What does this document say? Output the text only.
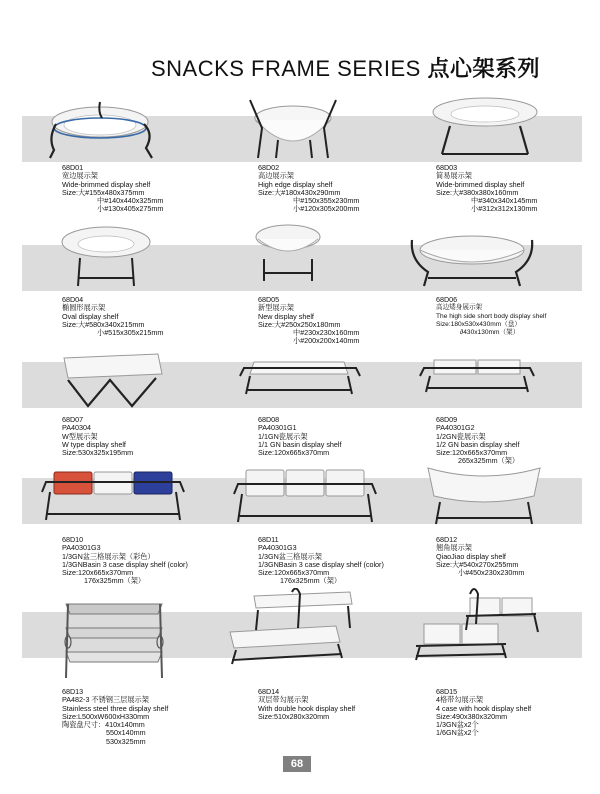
SNACKS FRAME SERIES 点心架系列
68D01
宽边展示架
Wide-brimmed display shelf
Size:大#155x480x375mm
中#140x440x325mm
小#130x405x275mm
68D02
高边展示架
High edge display shelf
Size:大#180x430x290mm
中#150x355x230mm
小#120x305x200mm
68D03
简易展示架
Wide-brimmed display shelf
Size:大#380x380x160mm
中#340x340x145mm
小#312x312x130mm
68D04
椭圆形展示架
Oval display shelf
Size:大#580x340x215mm
小#515x305x215mm
68D05
新型展示架
New display shelf
Size:大#250x250x180mm
中#230x230x160mm
小#200x200x140mm
68D06
高边矮身展示架
The high side short body display shelf
Size:180x530x430mm（盘）
∂430x130mm（架）
68D07
PA40304
W型展示架
W type display shelf
Size:530x325x195mm
68D08
PA40301G1
1/1GN瓷展示架
1/1 GN basin display shelf
Size:120x665x370mm
68D09
PA40301G2
1/2GN瓷展示架
1/2 GN basin display shelf
Size:120x665x370mm
265x325mm（架）
68D10
PA40301G3
1/3GN盆三格展示架（彩色）
1/3GNBasin 3 case display shelf (color)
Size:120x665x370mm
176x325mm（架）
68D11
PA40301G3
1/3GN盆三格展示架
1/3GNBasin 3 case display shelf (color)
Size:120x665x370mm
176x325mm（架）
68D12
翘角展示架
QiaoJiao display shelf
Size:大#540x270x255mm
小#450x230x230mm
68D13
PA482-3 不锈钢三层展示架
Stainless steel three display shelf
Size:L500xW600xH330mm
陶瓷盘尺寸：410x140mm
550x140mm
530x325mm
68D14
双层带勾展示架
With double hook display shelf
Size:510x280x320mm
68D15
4格带勾展示架
4 case with hook display shelf
Size:490x380x320mm
1/3GN盆x2个
1/6GN盆x2个
68
